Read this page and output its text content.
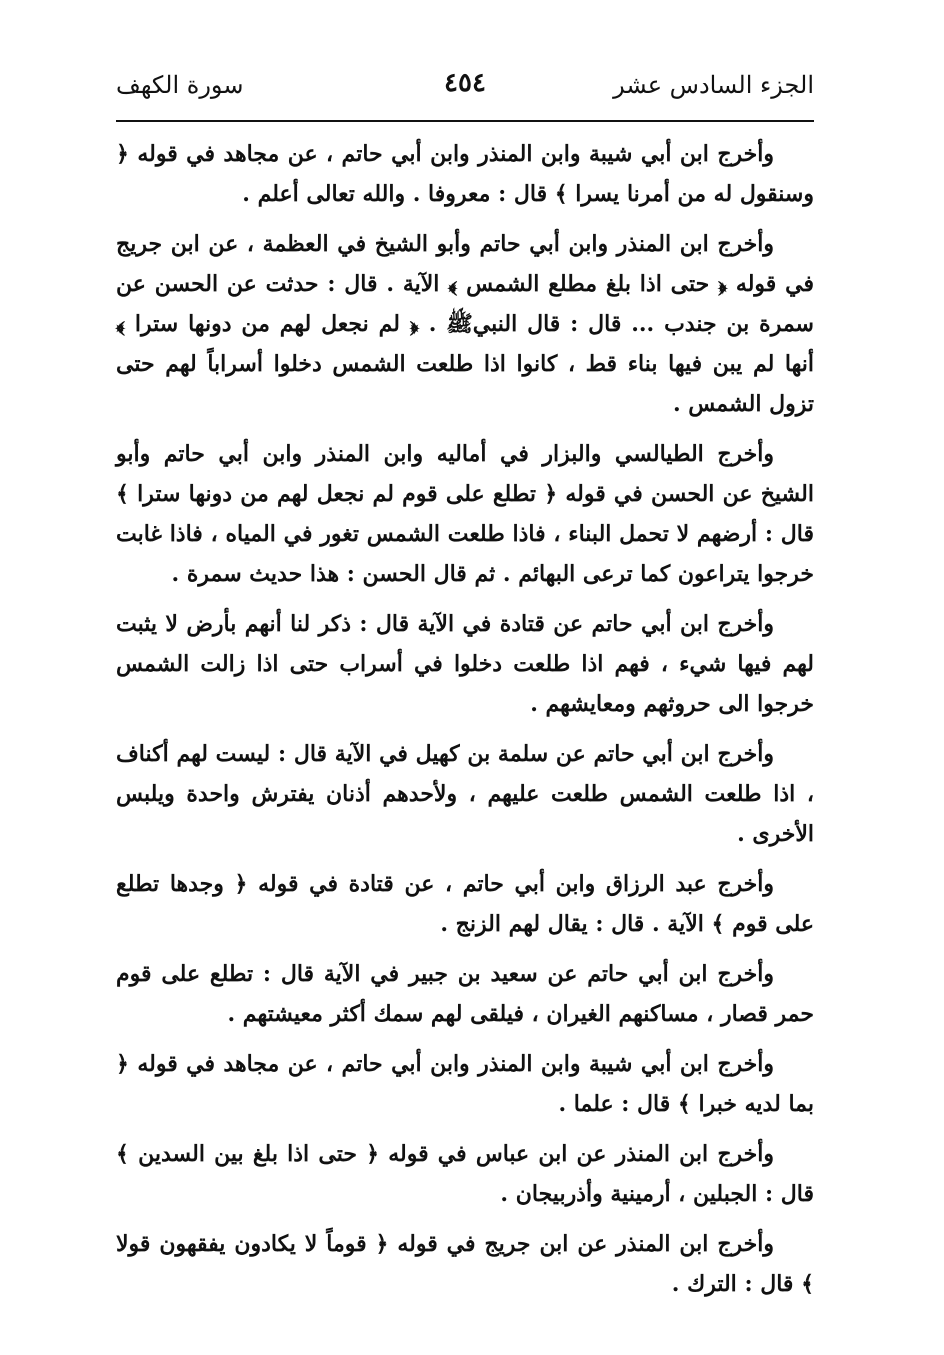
الجزء السادس عشر
٤٥٤
سورة الكهف

وأخرج ابن أبي شيبة وابن المنذر وابن أبي حاتم ، عن مجاهد في قوله ﴿ وسنقول له من أمرنا يسرا ﴾ قال : معروفا . والله تعالى أعلم .

وأخرج ابن المنذر وابن أبي حاتم وأبو الشيخ في العظمة ، عن ابن جريج في قوله ﴿ حتى اذا بلغ مطلع الشمس ﴾ الآية . قال : حدثت عن الحسن عن سمرة بن جندب ... قال : قال النبيﷺ . ﴿ لم نجعل لهم من دونها سترا ﴾ أنها لم يبن فيها بناء قط ، كانوا اذا طلعت الشمس دخلوا أسراباً لهم حتى تزول الشمس .

وأخرج الطيالسي والبزار في أماليه وابن المنذر وابن أبي حاتم وأبو الشيخ عن الحسن في قوله ﴿ تطلع على قوم لم نجعل لهم من دونها سترا ﴾ قال : أرضهم لا تحمل البناء ، فاذا طلعت الشمس تغور في المياه ، فاذا غابت خرجوا يتراعون كما ترعى البهائم . ثم قال الحسن : هذا حديث سمرة .

وأخرج ابن أبي حاتم عن قتادة في الآية قال : ذكر لنا أنهم بأرض لا يثبت لهم فيها شيء ، فهم اذا طلعت دخلوا في أسراب حتى اذا زالت الشمس خرجوا الى حروثهم ومعايشهم .

وأخرج ابن أبي حاتم عن سلمة بن كهيل في الآية قال : ليست لهم أكناف ، اذا طلعت الشمس طلعت عليهم ، ولأحدهم أذنان يفترش واحدة ويلبس الأخرى .

وأخرج عبد الرزاق وابن أبي حاتم ، عن قتادة في قوله ﴿ وجدها تطلع على قوم ﴾ الآية . قال : يقال لهم الزنج .

وأخرج ابن أبي حاتم عن سعيد بن جبير في الآية قال : تطلع على قوم حمر قصار ، مساكنهم الغيران ، فيلقى لهم سمك أكثر معيشتهم .

وأخرج ابن أبي شيبة وابن المنذر وابن أبي حاتم ، عن مجاهد في قوله ﴿ بما لديه خبرا ﴾ قال : علما .

وأخرج ابن المنذر عن ابن عباس في قوله ﴿ حتى اذا بلغ بين السدين ﴾ قال : الجبلين ، أرمينية وأذربيجان .

وأخرج ابن المنذر عن ابن جريج في قوله ﴿ قوماً لا يكادون يفقهون قولا ﴾ قال : الترك .
